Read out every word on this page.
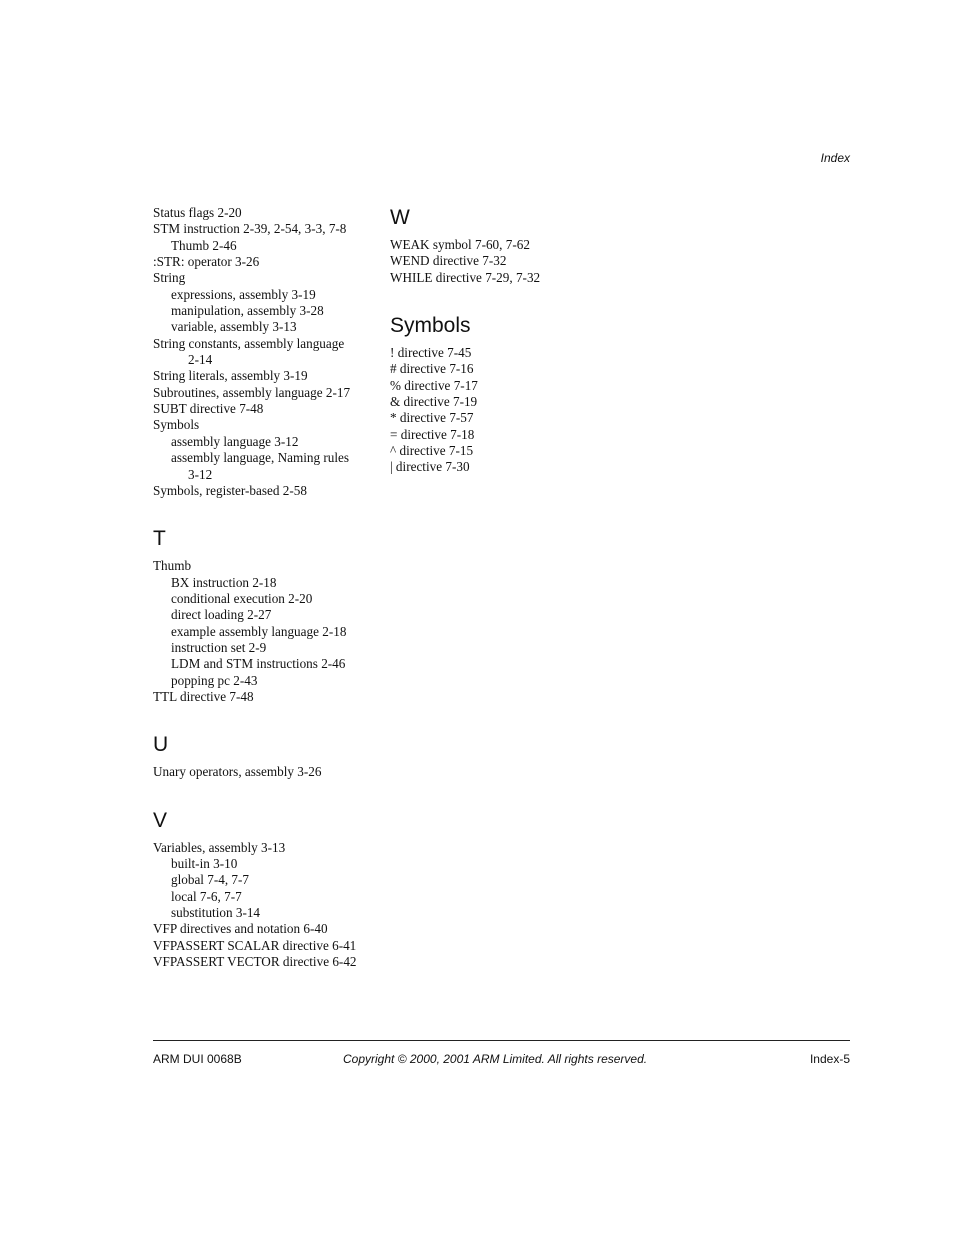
Index
Status flags 2-20
STM instruction 2-39, 2-54, 3-3, 7-8
Thumb 2-46
:STR: operator 3-26
String
expressions, assembly 3-19
manipulation, assembly 3-28
variable, assembly 3-13
String constants, assembly language
2-14
String literals, assembly 3-19
Subroutines, assembly language 2-17
SUBT directive 7-48
Symbols
assembly language 3-12
assembly language, Naming rules
3-12
Symbols, register-based 2-58
T
Thumb
BX instruction 2-18
conditional execution 2-20
direct loading 2-27
example assembly language 2-18
instruction set 2-9
LDM and STM instructions 2-46
popping pc 2-43
TTL directive 7-48
U
Unary operators, assembly 3-26
V
Variables, assembly 3-13
built-in 3-10
global 7-4, 7-7
local 7-6, 7-7
substitution 3-14
VFP directives and notation 6-40
VFPASSERT SCALAR directive 6-41
VFPASSERT VECTOR directive 6-42
W
WEAK symbol 7-60, 7-62
WEND directive 7-32
WHILE directive 7-29, 7-32
Symbols
! directive 7-45
# directive 7-16
% directive 7-17
& directive 7-19
* directive 7-57
= directive 7-18
^ directive 7-15
| directive 7-30
ARM DUI 0068B	Copyright © 2000, 2001 ARM Limited. All rights reserved.	Index-5
